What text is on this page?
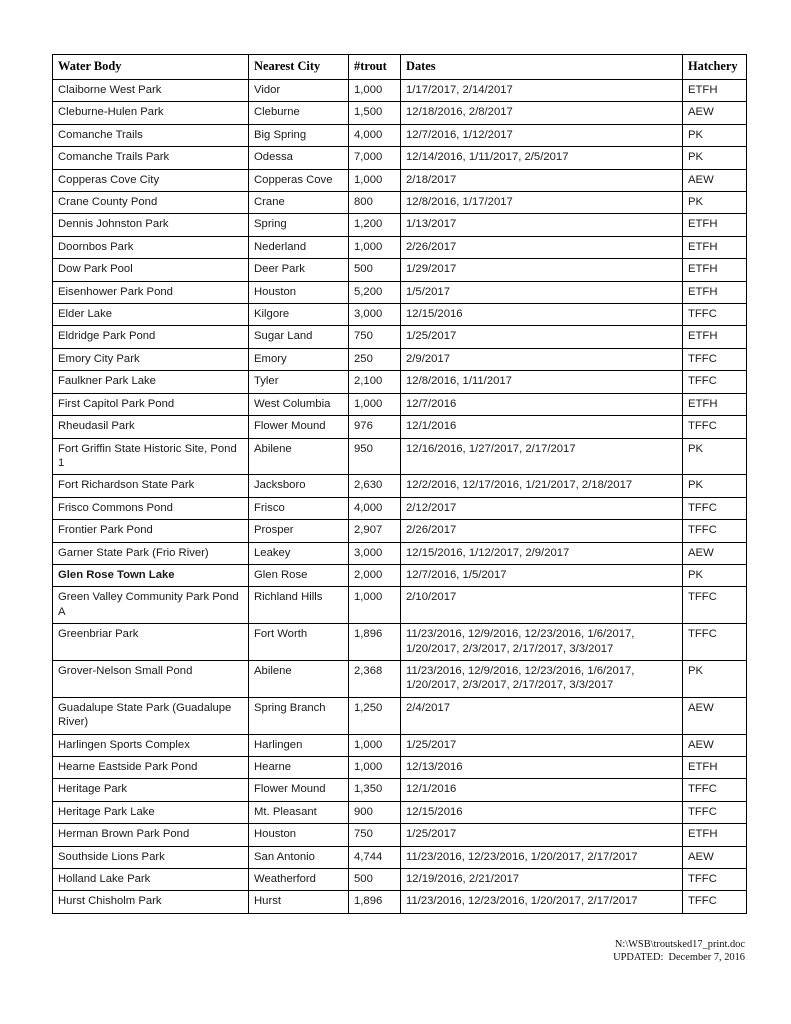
Water Body	Nearest City	#trout	Dates	Hatchery
Claiborne West Park	Vidor	1,000	1/17/2017, 2/14/2017	ETFH
Cleburne-Hulen Park	Cleburne	1,500	12/18/2016, 2/8/2017	AEW
Comanche Trails	Big Spring	4,000	12/7/2016, 1/12/2017	PK
Comanche Trails Park	Odessa	7,000	12/14/2016, 1/11/2017, 2/5/2017	PK
Copperas Cove City	Copperas Cove	1,000	2/18/2017	AEW
Crane County Pond	Crane	800	12/8/2016, 1/17/2017	PK
Dennis Johnston Park	Spring	1,200	1/13/2017	ETFH
Doornbos Park	Nederland	1,000	2/26/2017	ETFH
Dow Park Pool	Deer Park	500	1/29/2017	ETFH
Eisenhower Park Pond	Houston	5,200	1/5/2017	ETFH
Elder Lake	Kilgore	3,000	12/15/2016	TFFC
Eldridge Park Pond	Sugar Land	750	1/25/2017	ETFH
Emory City Park	Emory	250	2/9/2017	TFFC
Faulkner Park Lake	Tyler	2,100	12/8/2016, 1/11/2017	TFFC
First Capitol Park Pond	West Columbia	1,000	12/7/2016	ETFH
Rheudasil Park	Flower Mound	976	12/1/2016	TFFC
Fort Griffin State Historic Site, Pond 1	Abilene	950	12/16/2016, 1/27/2017, 2/17/2017	PK
Fort Richardson State Park	Jacksboro	2,630	12/2/2016, 12/17/2016, 1/21/2017, 2/18/2017	PK
Frisco Commons Pond	Frisco	4,000	2/12/2017	TFFC
Frontier Park Pond	Prosper	2,907	2/26/2017	TFFC
Garner State Park (Frio River)	Leakey	3,000	12/15/2016, 1/12/2017, 2/9/2017	AEW
Glen Rose Town Lake	Glen Rose	2,000	12/7/2016, 1/5/2017	PK
Green Valley Community Park Pond A	Richland Hills	1,000	2/10/2017	TFFC
Greenbriar Park	Fort Worth	1,896	11/23/2016, 12/9/2016, 12/23/2016, 1/6/2017, 1/20/2017, 2/3/2017, 2/17/2017, 3/3/2017	TFFC
Grover-Nelson Small Pond	Abilene	2,368	11/23/2016, 12/9/2016, 12/23/2016, 1/6/2017, 1/20/2017, 2/3/2017, 2/17/2017, 3/3/2017	PK
Guadalupe State Park (Guadalupe River)	Spring Branch	1,250	2/4/2017	AEW
Harlingen Sports Complex	Harlingen	1,000	1/25/2017	AEW
Hearne Eastside Park Pond	Hearne	1,000	12/13/2016	ETFH
Heritage Park	Flower Mound	1,350	12/1/2016	TFFC
Heritage Park Lake	Mt. Pleasant	900	12/15/2016	TFFC
Herman Brown Park Pond	Houston	750	1/25/2017	ETFH
Southside Lions Park	San Antonio	4,744	11/23/2016, 12/23/2016, 1/20/2017, 2/17/2017	AEW
Holland Lake Park	Weatherford	500	12/19/2016, 2/21/2017	TFFC
Hurst Chisholm Park	Hurst	1,896	11/23/2016, 12/23/2016, 1/20/2017, 2/17/2017	TFFC
N:\WSB\troutsked17_print.doc
UPDATED:  December 7, 2016
